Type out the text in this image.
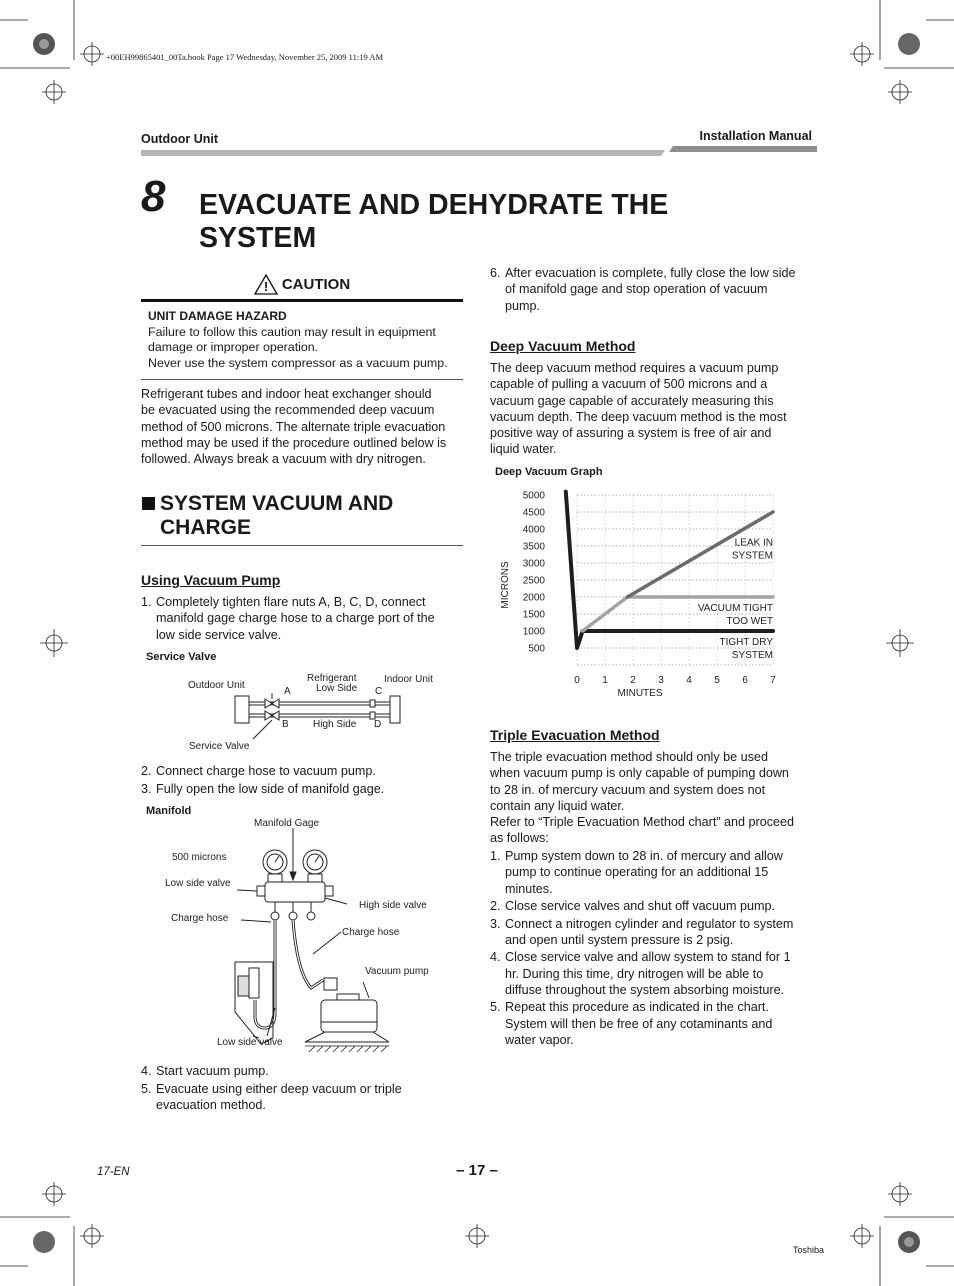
+00EH99865401_00Ta.book Page 17 Wednesday, November 25, 2009 11:19 AM
Outdoor Unit	Installation Manual
8 EVACUATE AND DEHYDRATE THE
SYSTEM
! CAUTION
UNIT DAMAGE HAZARD
Failure to follow this caution may result in equipment
damage or improper operation.
Never use the system compressor as a vacuum pump.
Refrigerant tubes and indoor heat exchanger should
be evacuated using the recommended deep vacuum
method of 500 microns. The alternate triple evacuation
method may be used if the procedure outlined below is
followed. Always break a vacuum with dry nitrogen.
SYSTEM VACUUM AND
CHARGE
Using Vacuum Pump
1. Completely tighten flare nuts A, B, C, D, connect
manifold gage charge hose to a charge port of the
low side service valve.
Service Valve
Outdoor Unit
Refrigerant
Low Side
Indoor Unit
A	C
B High Side D
Service Valve
2. Connect charge hose to vacuum pump.
3. Fully open the low side of manifold gage.
Manifold
Manifold Gage
500 microns
Low side valve
Charge hose
High side valve
Charge hose
Vacuum pump
Low side valve
4. Start vacuum pump.
5. Evacuate using either deep vacuum or triple
evacuation method.
6. After evacuation is complete, fully close the low side
of manifold gage and stop operation of vacuum
pump.
Deep Vacuum Method
The deep vacuum method requires a vacuum pump
capable of pulling a vacuum of 500 microns and a
vacuum gage capable of accurately measuring this
vacuum depth. The deep vacuum method is the most
positive way of assuring a system is free of air and
liquid water.
Deep Vacuum Graph
500
1000
1500
2000
2500
3000
3500
4000
4500
5000
0 1 2 3 4 5 6 7
MINUTES
MICRONS
TIGHT DRY
SYSTEM
VACUUM TIGHT
TOO WET
LEAK IN
SYSTEM
Triple Evacuation Method
The triple evacuation method should only be used
when vacuum pump is only capable of pumping down
to 28 in. of mercury vacuum and system does not
contain any liquid water.
Refer to “Triple Evacuation Method chart” and proceed
as follows:
1. Pump system down to 28 in. of mercury and allow
pump to continue operating for an additional 15
minutes.
2. Close service valves and shut off vacuum pump.
3. Connect a nitrogen cylinder and regulator to system
and open until system pressure is 2 psig.
4. Close service valve and allow system to stand for 1
hr. During this time, dry nitrogen will be able to
diffuse throughout the system absorbing moisture.
5. Repeat this procedure as indicated in the chart.
System will then be free of any cotaminants and
water vapor.
17-EN	– 17 –
Toshiba
